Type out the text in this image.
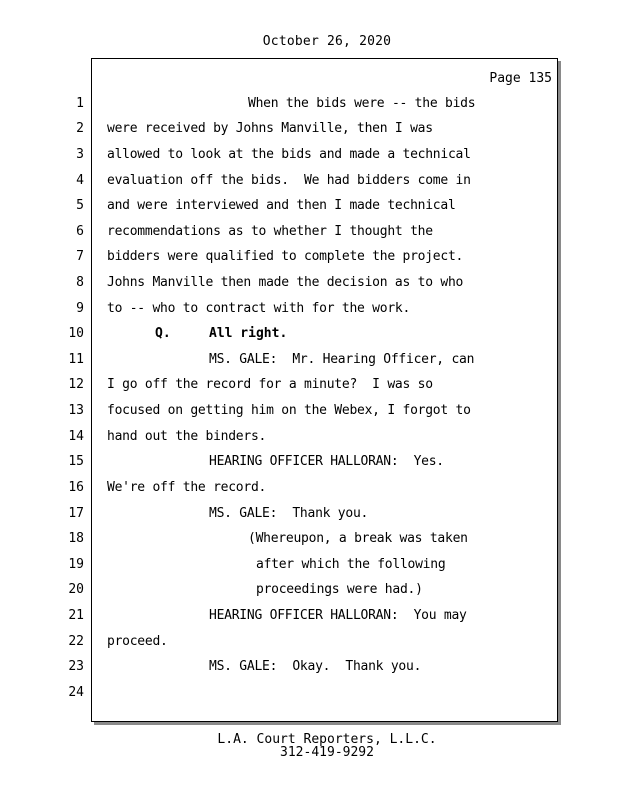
October 26, 2020
Page 135
1
2
3
4
5
6
7
8
9
10
11
12
13
14
15
16
17
18
19
20
21
22
23
24
When the bids were -- the bids
were received by Johns Manville, then I was
allowed to look at the bids and made a technical
evaluation off the bids.  We had bidders come in
and were interviewed and then I made technical
recommendations as to whether I thought the
bidders were qualified to complete the project.
Johns Manville then made the decision as to who
to -- who to contract with for the work.
Q.	All right.
MS. GALE:  Mr. Hearing Officer, can
I go off the record for a minute?  I was so
focused on getting him on the Webex, I forgot to
hand out the binders.
HEARING OFFICER HALLORAN:  Yes.
We're off the record.
MS. GALE:  Thank you.
(Whereupon, a break was taken
after which the following
proceedings were had.)
HEARING OFFICER HALLORAN:  You may
proceed.
MS. GALE:  Okay.  Thank you.
L.A. Court Reporters, L.L.C.
312-419-9292
